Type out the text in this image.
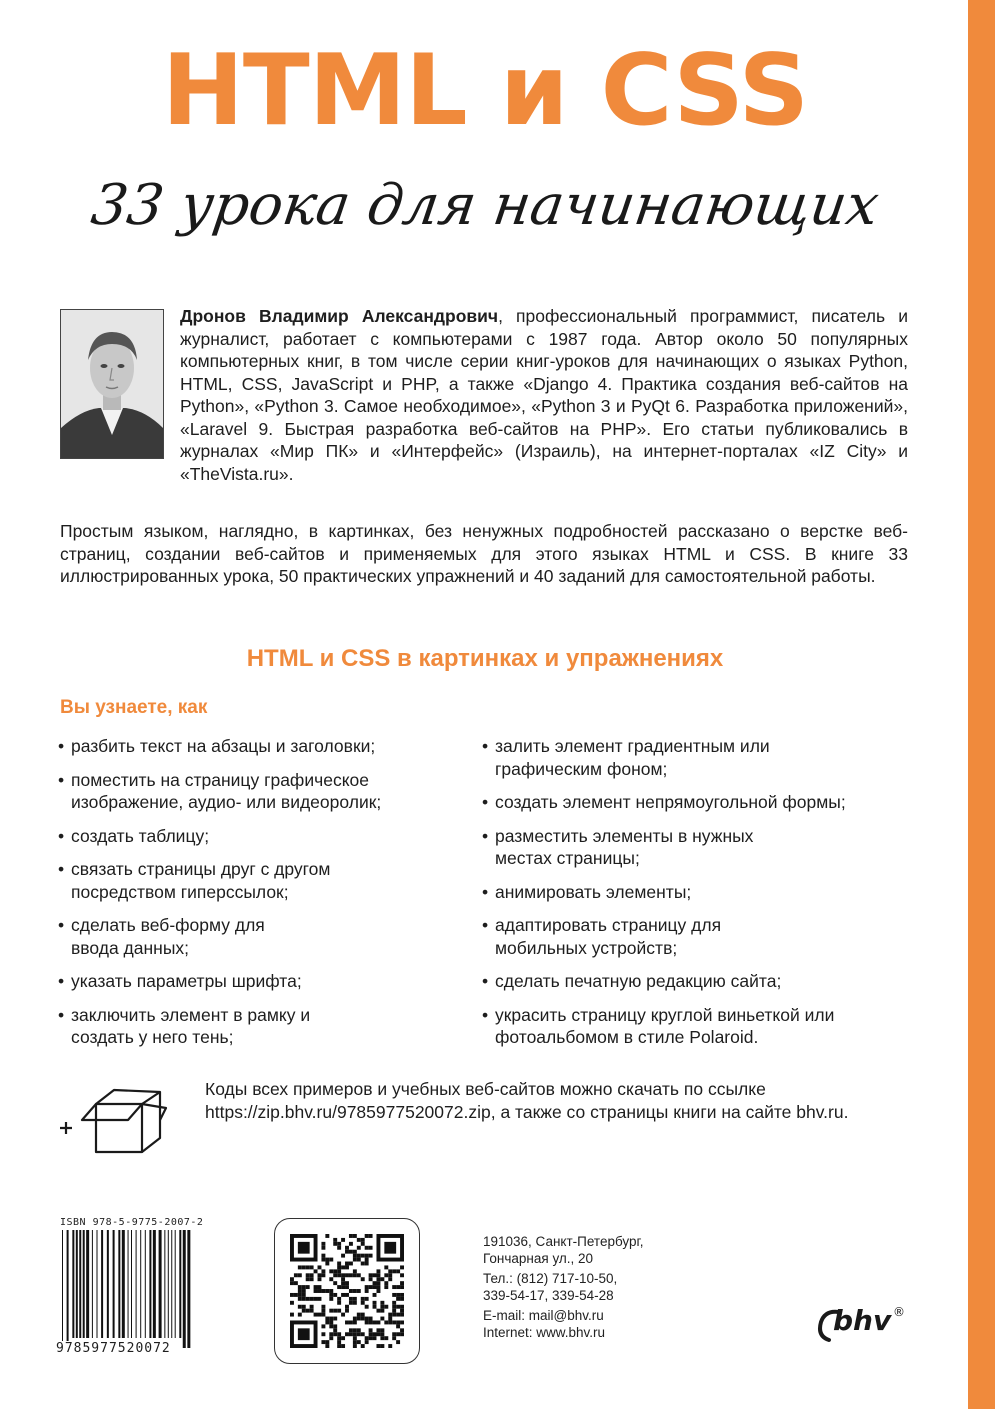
HTML и CSS
33 урока для начинающих

Дронов Владимир Александрович, профессиональный программист, писатель и журналист, работает с компьютерами с 1987 года. Автор около 50 популярных компьютерных книг, в том числе серии книг-уроков для начинающих о языках Python, HTML, CSS, JavaScript и PHP, а также «Django 4. Практика создания веб-сайтов на Python», «Python 3. Самое необходимое», «Python 3 и PyQt 6. Разработка приложений», «Laravel 9. Быстрая разработка веб-сайтов на PHP». Его статьи публиковались в журналах «Мир ПК» и «Интерфейс» (Израиль), на интернет-порталах «IZ City» и «TheVista.ru».

Простым языком, наглядно, в картинках, без ненужных подробностей рассказано о верстке веб-страниц, создании веб-сайтов и применяемых для этого языках HTML и CSS. В книге 33 иллюстрированных урока, 50 практических упражнений и 40 заданий для самостоятельной работы.

HTML и CSS в картинках и упражнениях
Вы узнаете, как
• разбить текст на абзацы и заголовки;
• поместить на страницу графическое изображение, аудио- или видеоролик;
• создать таблицу;
• связать страницы друг с другом посредством гиперссылок;
• сделать веб-форму для ввода данных;
• указать параметры шрифта;
• заключить элемент в рамку и создать у него тень;
• залить элемент градиентным или графическим фоном;
• создать элемент непрямоугольной формы;
• разместить элементы в нужных местах страницы;
• анимировать элементы;
• адаптировать страницу для мобильных устройств;
• сделать печатную редакцию сайта;
• украсить страницу круглой виньеткой или фотоальбомом в стиле Polaroid.

Коды всех примеров и учебных веб-сайтов можно скачать по ссылке https://zip.bhv.ru/9785977520072.zip, а также со страницы книги на сайте bhv.ru.

ISBN 978-5-9775-2007-2
9785977520072
191036, Санкт-Петербург,
Гончарная ул., 20
Тел.: (812) 717-10-50,
339-54-17, 339-54-28
E-mail: mail@bhv.ru
Internet: www.bhv.ru	bhv ®
